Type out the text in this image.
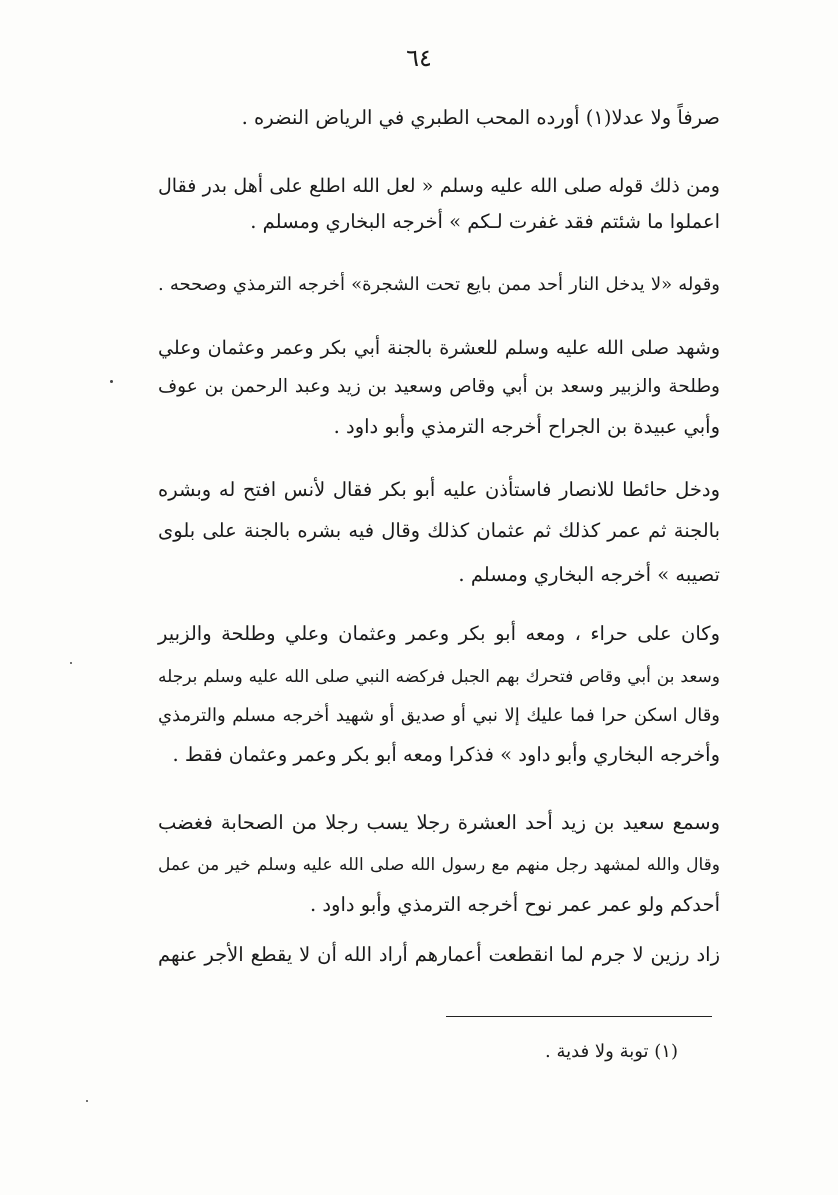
٦٤
صرفاً ولا عدلا(١) أورده المحب الطبري في الرياض النضره .
ومن ذلك قوله صلى الله عليه وسلم « لعل الله اطلع على أهل بدر فقال
اعملوا ما شئتم فقد غفرت لـكم » أخرجه البخاري ومسلم .
وقوله «لا يدخل النار أحد ممن بايع تحت الشجرة» أخرجه الترمذي وصححه .
وشهد صلى الله عليه وسلم للعشرة بالجنة أبي بكر وعمر وعثمان وعلي
وطلحة والزبير وسعد بن أبي وقاص وسعيد بن زيد وعبد الرحمن بن عوف
وأبي عبيدة بن الجراح أخرجه الترمذي وأبو داود .
ودخل حائطا للانصار فاستأذن عليه أبو بكر فقال لأنس افتح له وبشره
بالجنة ثم عمر كذلك ثم عثمان كذلك وقال فيه بشره بالجنة على بلوى
تصيبه » أخرجه البخاري ومسلم .
وكان على حراء ، ومعه أبو بكر وعمر وعثمان وعلي وطلحة والزبير
وسعد بن أبي وقاص فتحرك بهم الجبل فركضه النبي صلى الله عليه وسلم برجله
وقال اسكن حرا فما عليك إلا نبي أو صديق أو شهيد أخرجه مسلم والترمذي
وأخرجه البخاري وأبو داود » فذكرا ومعه أبو بكر وعمر وعثمان فقط .
وسمع سعيد بن زيد أحد العشرة رجلا يسب رجلا من الصحابة فغضب
وقال والله لمشهد رجل منهم مع رسول الله صلى الله عليه وسلم خير من عمل
أحدكم ولو عمر عمر نوح أخرجه الترمذي وأبو داود .
زاد رزين لا جرم لما انقطعت أعمارهم أراد الله أن لا يقطع الأجر عنهم
(١) توبة ولا فدية .
